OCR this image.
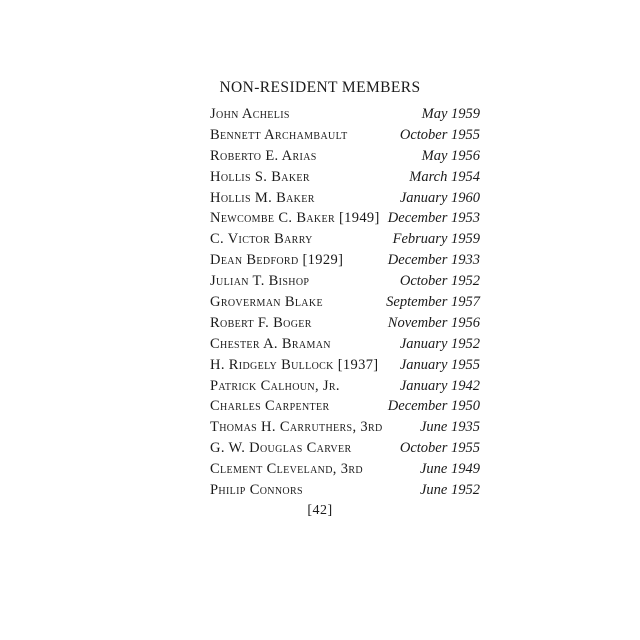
NON-RESIDENT MEMBERS
John Achelis	May 1959
Bennett Archambault	October 1955
Roberto E. Arias	May 1956
Hollis S. Baker	March 1954
Hollis M. Baker	January 1960
Newcombe C. Baker [1949] December 1953
C. Victor Barry	February 1959
Dean Bedford [1929]	December 1933
Julian T. Bishop	October 1952
Groverman Blake	September 1957
Robert F. Boger	November 1956
Chester A. Braman	January 1952
H. Ridgely Bullock [1937] January 1955
Patrick Calhoun, Jr.	January 1942
Charles Carpenter	December 1950
Thomas H. Carruthers, 3rd	June 1935
G. W. Douglas Carver	October 1955
Clement Cleveland, 3rd	June 1949
Philip Connors	June 1952
[42]
